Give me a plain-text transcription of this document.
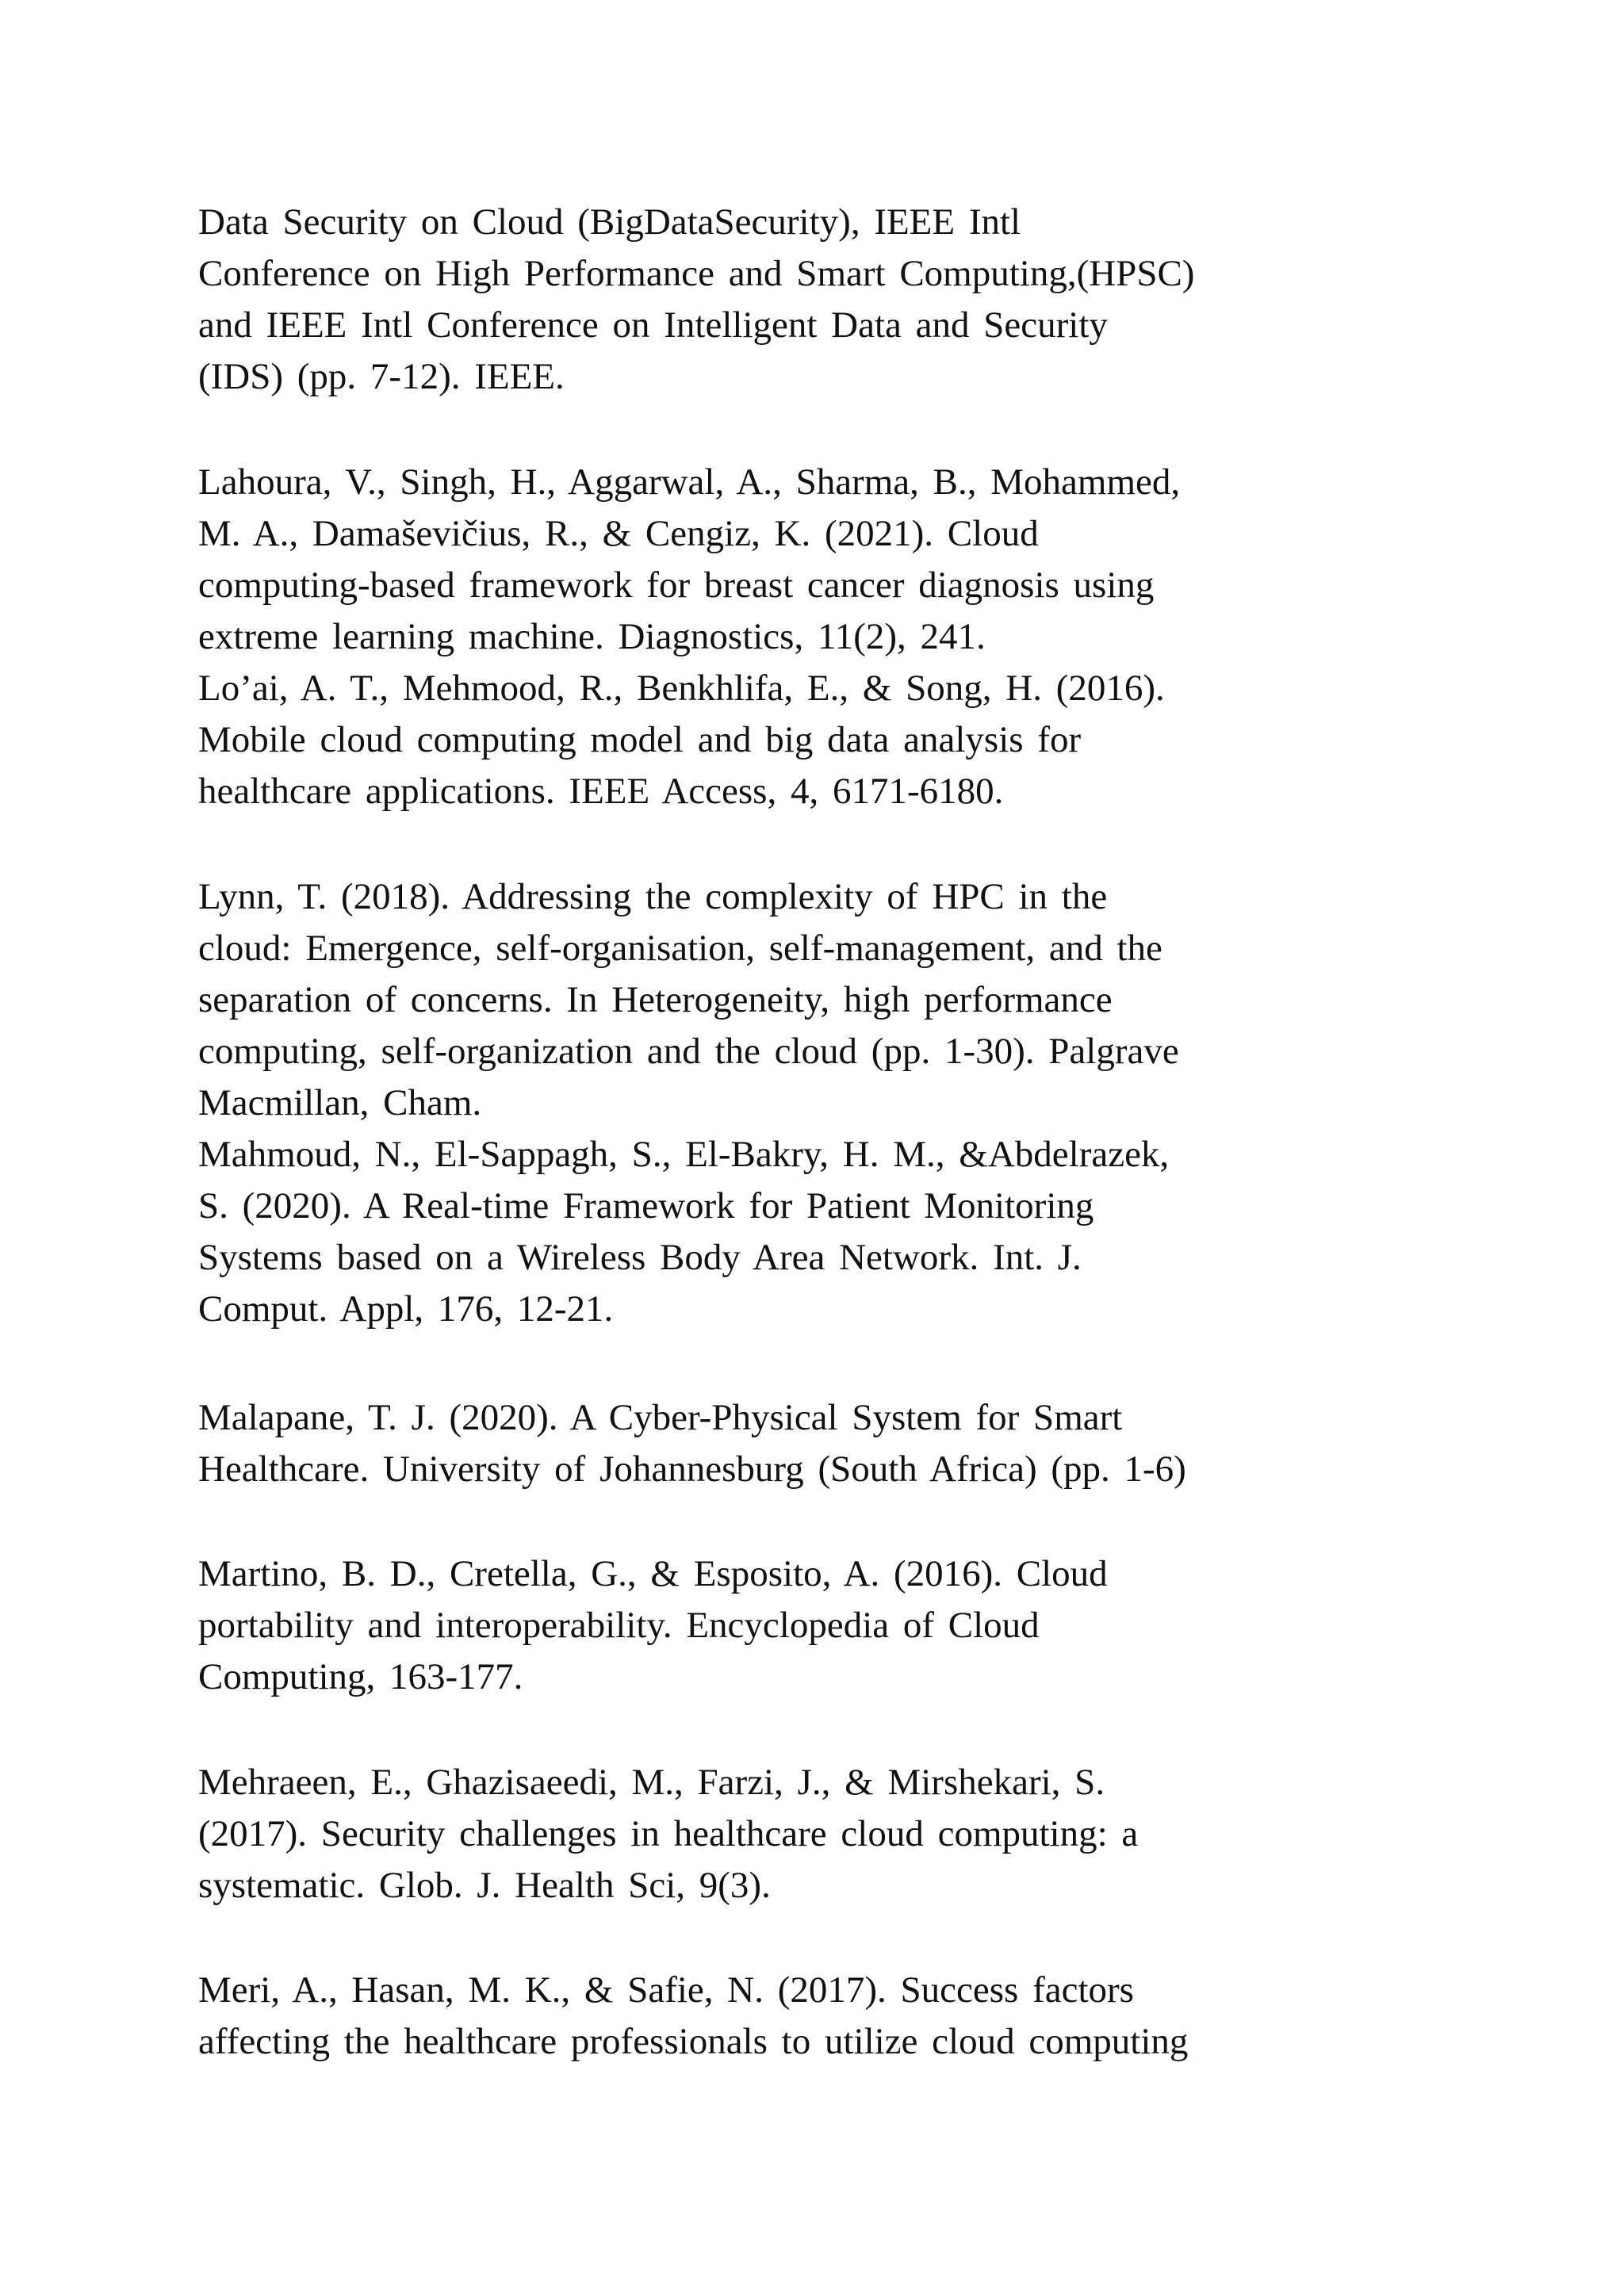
Data Security on Cloud (BigDataSecurity), IEEE Intl
Conference on High Performance and Smart Computing,(HPSC)
and IEEE Intl Conference on Intelligent Data and Security
(IDS) (pp. 7-12). IEEE.
Lahoura, V., Singh, H., Aggarwal, A., Sharma, B., Mohammed,
M. A., Damaševičius, R., & Cengiz, K. (2021). Cloud
computing-based framework for breast cancer diagnosis using
extreme learning machine. Diagnostics, 11(2), 241.
Lo’ai, A. T., Mehmood, R., Benkhlifa, E., & Song, H. (2016).
Mobile cloud computing model and big data analysis for
healthcare applications. IEEE Access, 4, 6171-6180.
Lynn, T. (2018). Addressing the complexity of HPC in the
cloud: Emergence, self-organisation, self-management, and the
separation of concerns. In Heterogeneity, high performance
computing, self-organization and the cloud (pp. 1-30). Palgrave
Macmillan, Cham.
Mahmoud, N., El-Sappagh, S., El-Bakry, H. M., &Abdelrazek,
S. (2020). A Real-time Framework for Patient Monitoring
Systems based on a Wireless Body Area Network. Int. J.
Comput. Appl, 176, 12-21.
Malapane, T. J. (2020). A Cyber-Physical System for Smart
Healthcare. University of Johannesburg (South Africa) (pp. 1-6)
Martino, B. D., Cretella, G., & Esposito, A. (2016). Cloud
portability and interoperability. Encyclopedia of Cloud
Computing, 163-177.
Mehraeen, E., Ghazisaeedi, M., Farzi, J., & Mirshekari, S.
(2017). Security challenges in healthcare cloud computing: a
systematic. Glob. J. Health Sci, 9(3).
Meri, A., Hasan, M. K., & Safie, N. (2017). Success factors
affecting the healthcare professionals to utilize cloud computing
